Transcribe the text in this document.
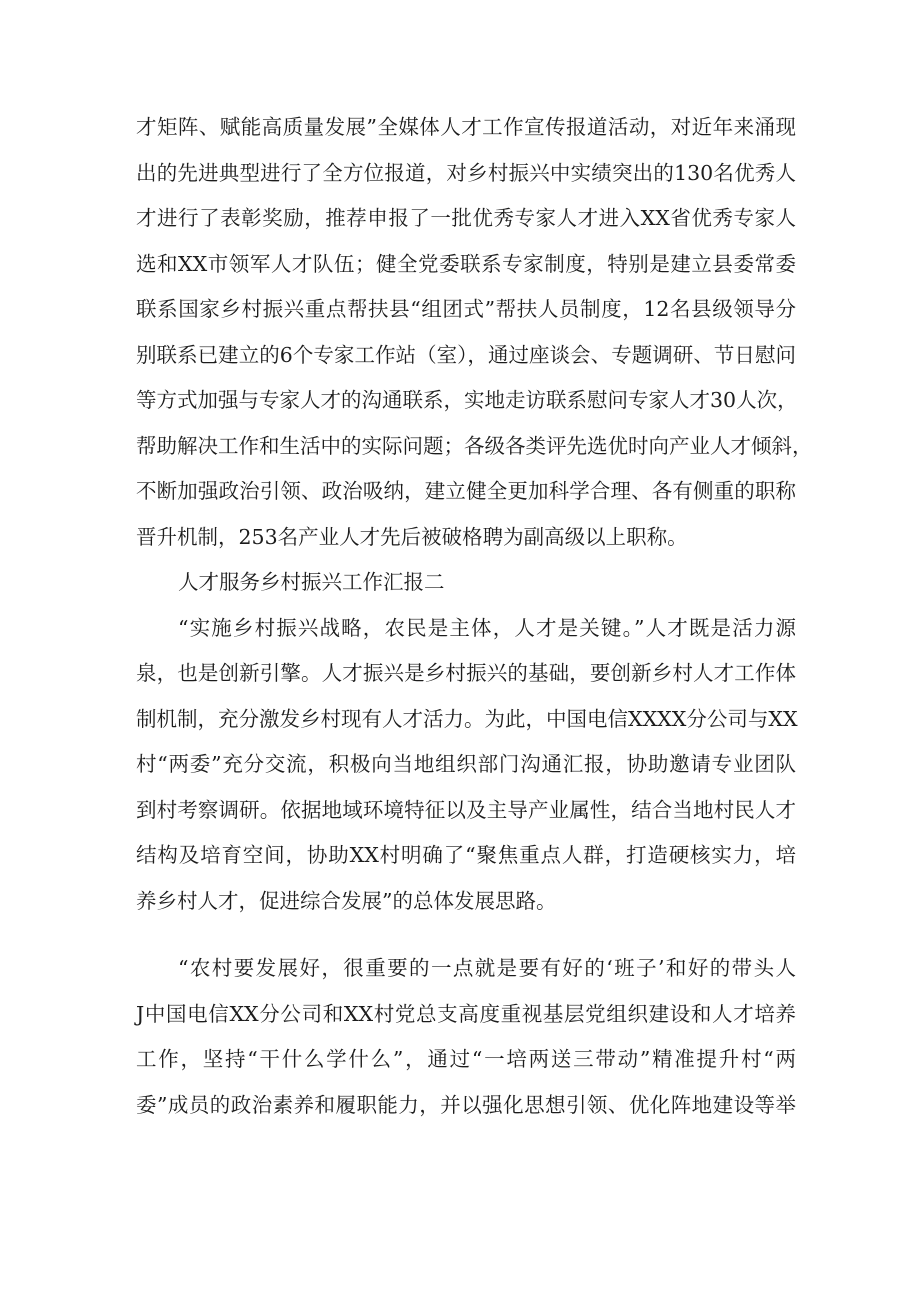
才矩阵、赋能高质量发展”全媒体人才工作宣传报道活动，对近年来涌现
出的先进典型进行了全方位报道，对乡村振兴中实绩突出的130名优秀人
才进行了表彰奖励，推荐申报了一批优秀专家人才进入XX省优秀专家人
选和XX市领军人才队伍；健全党委联系专家制度，特别是建立县委常委
联系国家乡村振兴重点帮扶县“组团式”帮扶人员制度，12名县级领导分
别联系已建立的6个专家工作站（室），通过座谈会、专题调研、节日慰问
等方式加强与专家人才的沟通联系，实地走访联系慰问专家人才30人次，
帮助解决工作和生活中的实际问题；各级各类评先选优时向产业人才倾斜，
不断加强政治引领、政治吸纳，建立健全更加科学合理、各有侧重的职称
晋升机制，253名产业人才先后被破格聘为副高级以上职称。
人才服务乡村振兴工作汇报二
“实施乡村振兴战略，农民是主体，人才是关键。”人才既是活力源
泉，也是创新引擎。人才振兴是乡村振兴的基础，要创新乡村人才工作体
制机制，充分激发乡村现有人才活力。为此，中国电信XXXX分公司与XX
村“两委”充分交流，积极向当地组织部门沟通汇报，协助邀请专业团队
到村考察调研。依据地域环境特征以及主导产业属性，结合当地村民人才
结构及培育空间，协助XX村明确了“聚焦重点人群，打造硬核实力，培
养乡村人才，促进综合发展”的总体发展思路。
“农村要发展好，很重要的一点就是要有好的‘班子’和好的带头人
J中国电信XX分公司和XX村党总支高度重视基层党组织建设和人才培养
工作，坚持“干什么学什么”，通过“一培两送三带动”精准提升村“两
委”成员的政治素养和履职能力，并以强化思想引领、优化阵地建设等举
